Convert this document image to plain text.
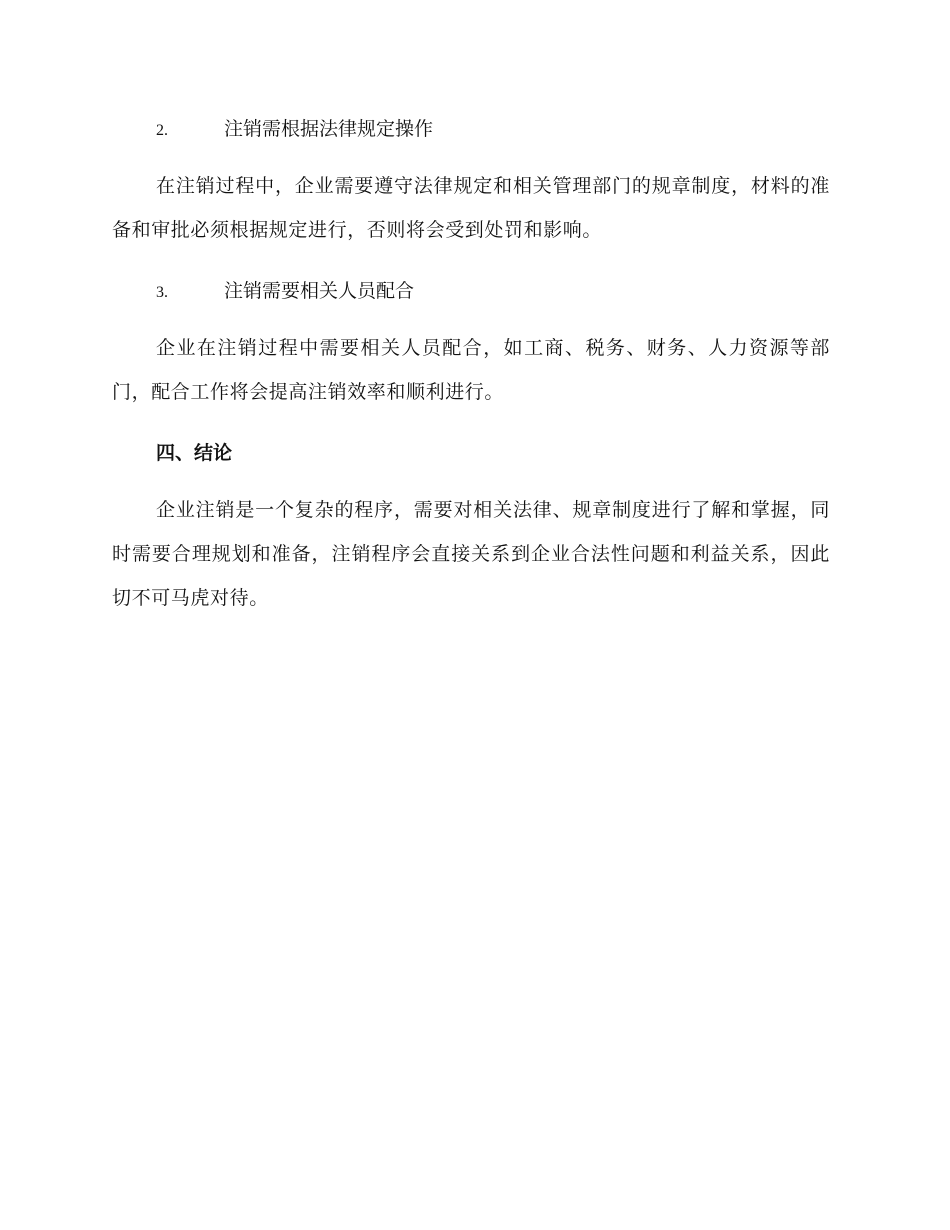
2.	注销需根据法律规定操作

在注销过程中，企业需要遵守法律规定和相关管理部门的规章制度，材料的准备和审批必须根据规定进行，否则将会受到处罚和影响。

3.	注销需要相关人员配合

企业在注销过程中需要相关人员配合，如工商、税务、财务、人力资源等部门，配合工作将会提高注销效率和顺利进行。

四、结论

企业注销是一个复杂的程序，需要对相关法律、规章制度进行了解和掌握，同时需要合理规划和准备，注销程序会直接关系到企业合法性问题和利益关系，因此切不可马虎对待。
